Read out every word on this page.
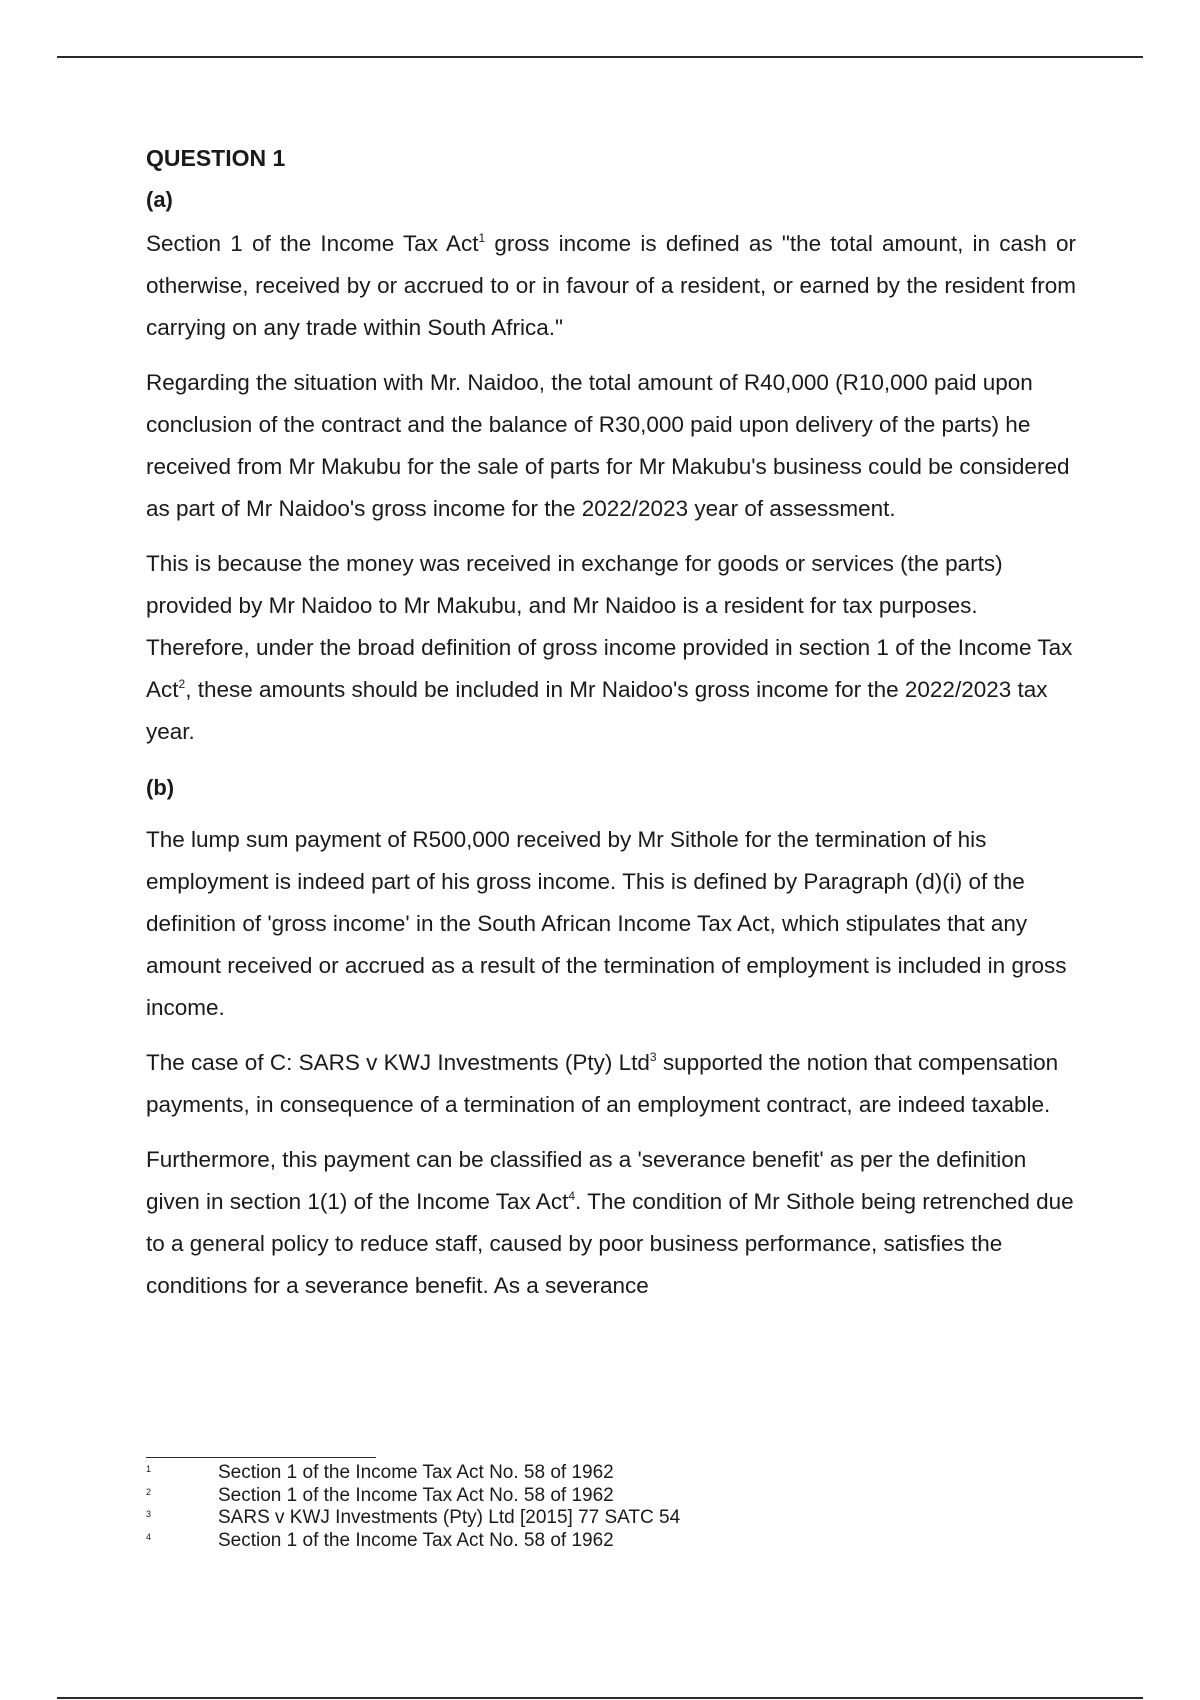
QUESTION 1

(a)

Section 1 of the Income Tax Act$^1$ gross income is defined as "the total amount, in cash or otherwise, received by or accrued to or in favour of a resident, or earned by the resident from carrying on any trade within South Africa."

Regarding the situation with Mr. Naidoo, the total amount of R40,000 (R10,000 paid upon conclusion of the contract and the balance of R30,000 paid upon delivery of the parts) he received from Mr Makubu for the sale of parts for Mr Makubu's business could be considered as part of Mr Naidoo's gross income for the 2022/2023 year of assessment.

This is because the money was received in exchange for goods or services (the parts) provided by Mr Naidoo to Mr Makubu, and Mr Naidoo is a resident for tax purposes. Therefore, under the broad definition of gross income provided in section 1 of the Income Tax Act$^2$, these amounts should be included in Mr Naidoo's gross income for the 2022/2023 tax year.

(b)

The lump sum payment of R500,000 received by Mr Sithole for the termination of his employment is indeed part of his gross income. This is defined by Paragraph (d)(i) of the definition of 'gross income' in the South African Income Tax Act, which stipulates that any amount received or accrued as a result of the termination of employment is included in gross income.

The case of C: SARS v KWJ Investments (Pty) Ltd$^3$ supported the notion that compensation payments, in consequence of a termination of an employment contract, are indeed taxable.

Furthermore, this payment can be classified as a 'severance benefit' as per the definition given in section 1(1) of the Income Tax Act$^4$. The condition of Mr Sithole being retrenched due to a general policy to reduce staff, caused by poor business performance, satisfies the conditions for a severance benefit. As a severance

1	Section 1 of the Income Tax Act No. 58 of 1962
2	Section 1 of the Income Tax Act No. 58 of 1962
3	SARS v KWJ Investments (Pty) Ltd [2015] 77 SATC 54
4	Section 1 of the Income Tax Act No. 58 of 1962
